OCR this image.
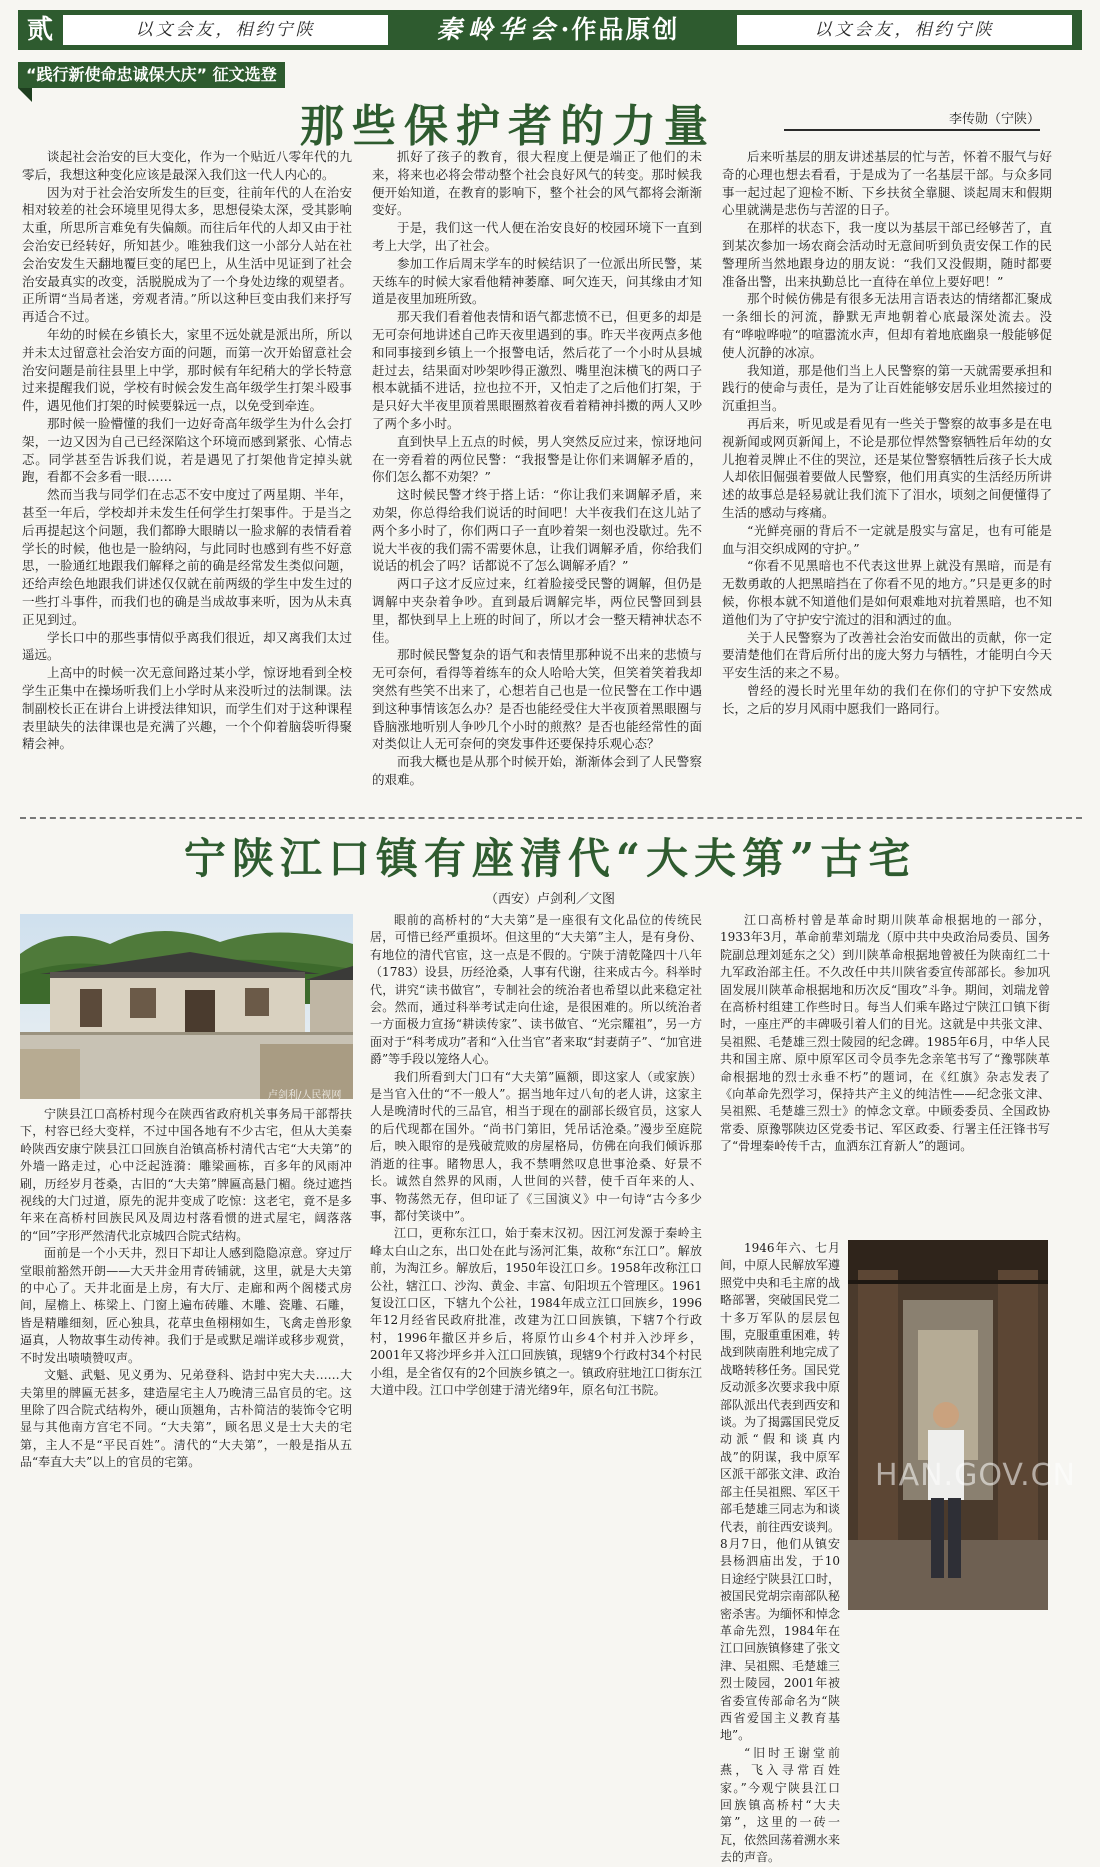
贰	以文会友，相约宁陕	秦岭华会·作品原创	以文会友，相约宁陕
“践行新使命忠诚保大庆” 征文选登
那些保护者的力量	李传勋（宁陕）

谈起社会治安的巨大变化，作为一个贴近八零年代的九零后，我想这种变化应该是最深入我们这一代人内心的。

因为对于社会治安所发生的巨变，往前年代的人在治安相对较差的社会环境里见得太多，思想侵染太深，受其影响太重，所思所言难免有失偏颇。而往后年代的人却又由于社会治安已经转好，所知甚少。唯独我们这一小部分人站在社会治安发生天翻地覆巨变的尾巴上，从生活中见证到了社会治安最真实的改变，活脱脱成为了一个身处边缘的观望者。正所谓“当局者迷，旁观者清。”所以这种巨变由我们来抒写再适合不过。

年幼的时候在乡镇长大，家里不远处就是派出所，所以并未太过留意社会治安方面的问题，而第一次开始留意社会治安问题是前往县里上中学，那时候有年纪稍大的学长特意过来提醒我们说，学校有时候会发生高年级学生打架斗殴事件，遇见他们打架的时候要躲远一点，以免受到牵连。

那时候一脸懵懂的我们一边好奇高年级学生为什么会打架，一边又因为自己已经深陷这个环境而感到紧张、心情忐忑。同学甚至告诉我们说，若是遇见了打架他肯定掉头就跑，看都不会多看一眼……

然而当我与同学们在忐忑不安中度过了两星期、半年，甚至一年后，学校却并未发生任何学生打架事件。于是当之后再提起这个问题，我们都睁大眼睛以一脸求解的表情看着学长的时候，他也是一脸纳闷，与此同时也感到有些不好意思，一脸通红地跟我们解释之前的确是经常发生类似问题，还给声绘色地跟我们讲述仅仅就在前两级的学生中发生过的一些打斗事件，而我们也的确是当成故事来听，因为从未真正见到过。

学长口中的那些事情似乎离我们很近，却又离我们太过遥远。

上高中的时候一次无意间路过某小学，惊讶地看到全校学生正集中在操场听我们上小学时从来没听过的法制课。法制副校长正在讲台上讲授法律知识，而学生们对于这种课程表里缺失的法律课也是充满了兴趣，一个个仰着脑袋听得聚精会神。

抓好了孩子的教育，很大程度上便是端正了他们的未来，将来也必将会带动整个社会良好风气的转变。那时候我便开始知道，在教育的影响下，整个社会的风气都将会渐渐变好。

于是，我们这一代人便在治安良好的校园环境下一直到考上大学，出了社会。

参加工作后周末学车的时候结识了一位派出所民警，某天练车的时候大家看他精神萎靡、呵欠连天，问其缘由才知道是夜里加班所致。

那天我们看着他表情和语气都悲愤不已，但更多的却是无可奈何地讲述自己昨天夜里遇到的事。昨天半夜两点多他和同事接到乡镇上一个报警电话，然后花了一个小时从县城赶过去，结果面对吵架吵得正激烈、嘴里泡沫横飞的两口子根本就插不进话，拉也拉不开，又怕走了之后他们打架，于是只好大半夜里顶着黑眼圈熬着夜看着精神抖擞的两人又吵了两个多小时。

直到快早上五点的时候，男人突然反应过来，惊讶地问在一旁看着的两位民警：“我报警是让你们来调解矛盾的，你们怎么都不劝架？”

这时候民警才终于搭上话：“你让我们来调解矛盾，来劝架，你总得给我们说话的时间吧！大半夜我们在这儿站了两个多小时了，你们两口子一直吵着架一刻也没歇过。先不说大半夜的我们需不需要休息，让我们调解矛盾，你给我们说话的机会了吗？话都说不了怎么调解矛盾？”

两口子这才反应过来，红着脸接受民警的调解，但仍是调解中夹杂着争吵。直到最后调解完毕，两位民警回到县里，都快到早上上班的时间了，所以才会一整天精神状态不佳。

那时候民警复杂的语气和表情里那种说不出来的悲愤与无可奈何，看得等着练车的众人哈哈大笑，但笑着笑着我却突然有些笑不出来了，心想若自己也是一位民警在工作中遇到这种事情该怎么办？是否也能经受住大半夜顶着黑眼圈与昏脑涨地听别人争吵几个小时的煎熬？是否也能经常性的面对类似让人无可奈何的突发事件还要保持乐观心态？

而我大概也是从那个时候开始，渐渐体会到了人民警察的艰难。

后来听基层的朋友讲述基层的忙与苦，怀着不服气与好奇的心理也想去看看，于是成为了一名基层干部。与众多同事一起过起了迎检不断、下乡扶贫全靠腿、谈起周末和假期心里就满是悲伤与苦涩的日子。

在那样的状态下，我一度以为基层干部已经够苦了，直到某次参加一场农商会活动时无意间听到负责安保工作的民警理所当然地跟身边的朋友说：“我们又没假期，随时都要准备出警，出来执勤总比一直待在单位上要好吧！”

那个时候仿佛是有很多无法用言语表达的情绪都汇聚成一条细长的河流，静默无声地朝着心底最深处流去。没有“哗啦哗啦”的喧嚣流水声，但却有着地底幽泉一般能够促使人沉静的冰凉。

我知道，那是他们当上人民警察的第一天就需要承担和践行的使命与责任，是为了让百姓能够安居乐业坦然接过的沉重担当。

再后来，听见或是看见有一些关于警察的故事多是在电视新闻或网页新闻上，不论是那位悍然警察牺牲后年幼的女儿抱着灵牌止不住的哭泣，还是某位警察牺牲后孩子长大成人却依旧倔强着要做人民警察，他们用真实的生活经历所讲述的故事总是轻易就让我们流下了泪水，顷刻之间便懂得了生活的感动与疼痛。

“光鲜亮丽的背后不一定就是殷实与富足，也有可能是血与泪交织成网的守护。”

“你看不见黑暗也不代表这世界上就没有黑暗，而是有无数勇敢的人把黑暗挡在了你看不见的地方。”只是更多的时候，你根本就不知道他们是如何艰难地对抗着黑暗，也不知道他们为了守护安宁流过的泪和洒过的血。

关于人民警察为了改善社会治安而做出的贡献，你一定要清楚他们在背后所付出的庞大努力与牺牲，才能明白今天平安生活的来之不易。

曾经的漫长时光里年幼的我们在你们的守护下安然成长，之后的岁月风雨中愿我们一路同行。

宁陕江口镇有座清代“大夫第”古宅
（西安）卢剑利／文图
卢剑利/人民视网

宁陕县江口高桥村现今在陕西省政府机关事务局干部帮扶下，村容已经大变样，不过中国各地有不少古宅，但从大美秦岭陕西安康宁陕县江口回族自治镇高桥村清代古宅“大夫第”的外墙一路走过，心中泛起涟漪：雕梁画栋，百多年的风雨冲刷，历经岁月苍桑，古旧的“大夫第”牌匾高悬门楣。绕过遮挡视线的大门过道，原先的泥井变成了吃惊：这老宅，竟不是多年来在高桥村回族民风及周边村落看惯的进式屋宅，阔落落的“回”字形严然清代北京城四合院式结构。

面前是一个小天井，烈日下却让人感到隐隐凉意。穿过厅堂眼前豁然开朗——大天井金用青砖铺就，这里，就是大夫第的中心了。天井北面是上房，有大厅、走廊和两个阁楼式房间，屋檐上、栋梁上、门窗上遍布砖雕、木雕、瓷雕、石雕，皆是精雕细刻，匠心独具，花草虫鱼栩栩如生，飞禽走兽形象逼真，人物故事生动传神。我们于是或默足端详或移步观赏，不时发出啧啧赞叹声。

文魁、武魁、见义勇为、兄弟登科、诰封中宪大夫……大夫第里的牌匾无甚多，建造屋宅主人乃晚清三品官员的宅。这里除了四合院式结构外，硬山顶翘角，古朴简洁的装饰令它明显与其他南方宫宅不同。“大夫第”，顾名思义是士大夫的宅第，主人不是“平民百姓”。清代的“大夫第”，一般是指从五品“奉直大夫”以上的官员的宅第。

眼前的高桥村的“大夫第”是一座很有文化品位的传统民居，可惜已经严重损坏。但这里的“大夫第”主人，是有身份、有地位的清代官宦，这一点是不假的。宁陕于清乾隆四十八年（1783）设县，历经沧桑，人事有代谢，往来成古今。科举时代，讲究“读书做官”，专制社会的统治者也希望以此来稳定社会。然而，通过科举考试走向仕途，是很困难的。所以统治者一方面极力宣扬“耕读传家”、读书做官、“光宗耀祖”，另一方面对于“科考成功”者和“入仕当官”者来取“封妻荫子”、“加官进爵”等手段以笼络人心。

我们所看到大门口有“大夫第”匾额，即这家人（或家族）是当官入仕的“不一般人”。据当地年过八旬的老人讲，这家主人是晚清时代的三品官，相当于现在的副部长级官员，这家人的后代现都在国外。“尚书门第旧，凭吊话沧桑。”漫步至庭院后，映入眼帘的是残破荒败的房屋格局，仿佛在向我们倾诉那消逝的往事。睹物思人，我不禁喟然叹息世事沧桑、好景不长。诚然自然界的风雨，人世间的兴替，使千百年来的人、事、物荡然无存，但印证了《三国演义》中一句诗“古今多少事，都付笑谈中”。

江口，更称东江口，始于秦末汉初。因江河发源于秦岭主峰太白山之东，出口处在此与汤河汇集，故称“东江口”。解放前，为淘江乡。解放后，1950年设江口乡。1958年改称江口公社，辖江口、沙沟、黄金、丰富、旬阳坝五个管理区。1961复设江口区，下辖九个公社，1984年成立江口回族乡，1996年12月经省民政府批准，改建为江口回族镇，下辖7个行政村，1996年撤区并乡后，将原竹山乡4个村并入沙坪乡，2001年又将沙坪乡并入江口回族镇，现辖9个行政村34个村民小组，是全省仅有的2个回族乡镇之一。镇政府驻地江口街东江大道中段。江口中学创建于清光绪9年，原名旬江书院。

江口高桥村曾是革命时期川陕革命根据地的一部分，1933年3月，革命前辈刘瑞龙（原中共中央政治局委员、国务院副总理刘延东之父）到川陕革命根据地曾被任为陕南红二十九军政治部主任。不久改任中共川陕省委宣传部部长。参加巩固发展川陕革命根据地和历次反“围攻”斗争。期间，刘瑞龙曾在高桥村组建工作些时日。每当人们乘车路过宁陕江口镇下街时，一座庄严的丰碑吸引着人们的目光。这就是中共张文津、吴祖熙、毛楚雄三烈士陵园的纪念碑。1985年6月，中华人民共和国主席、原中原军区司令员李先念亲笔书写了“豫鄂陕革命根据地的烈士永垂不朽”的题词，在《红旗》杂志发表了《向革命先烈学习，保持共产主义的纯洁性——纪念张文津、吴祖熙、毛楚雄三烈士》的悼念文章。中顾委委员、全国政协常委、原豫鄂陕边区党委书记、军区政委、行署主任汪锋书写了“骨埋秦岭传千古，血洒东江育新人”的题词。

1946年六、七月间，中原人民解放军遵照党中央和毛主席的战略部署，突破国民党二十多万军队的层层包围，克服重重困难，转战到陕南胜利地完成了战略转移任务。国民党反动派多次要求我中原部队派出代表到西安和谈。为了揭露国民党反动派“假和谈真内战”的阴谋，我中原军区派干部张文津、政治部主任吴祖熙、军区干部毛楚雄三同志为和谈代表，前往西安谈判。8月7日，他们从镇安县杨泗庙出发，于10日途经宁陕县江口时，被国民党胡宗南部队秘密杀害。为缅怀和悼念革命先烈，1984年在江口回族镇修建了张文津、吴祖熙、毛楚雄三烈士陵园，2001年被省委宣传部命名为“陕西省爱国主义教育基地”。

“旧时王谢堂前燕，飞入寻常百姓家。”今观宁陕县江口回族镇高桥村“大夫第”，这里的一砖一瓦，依然回荡着溯水来去的声音。

HAN.GOV.CN
